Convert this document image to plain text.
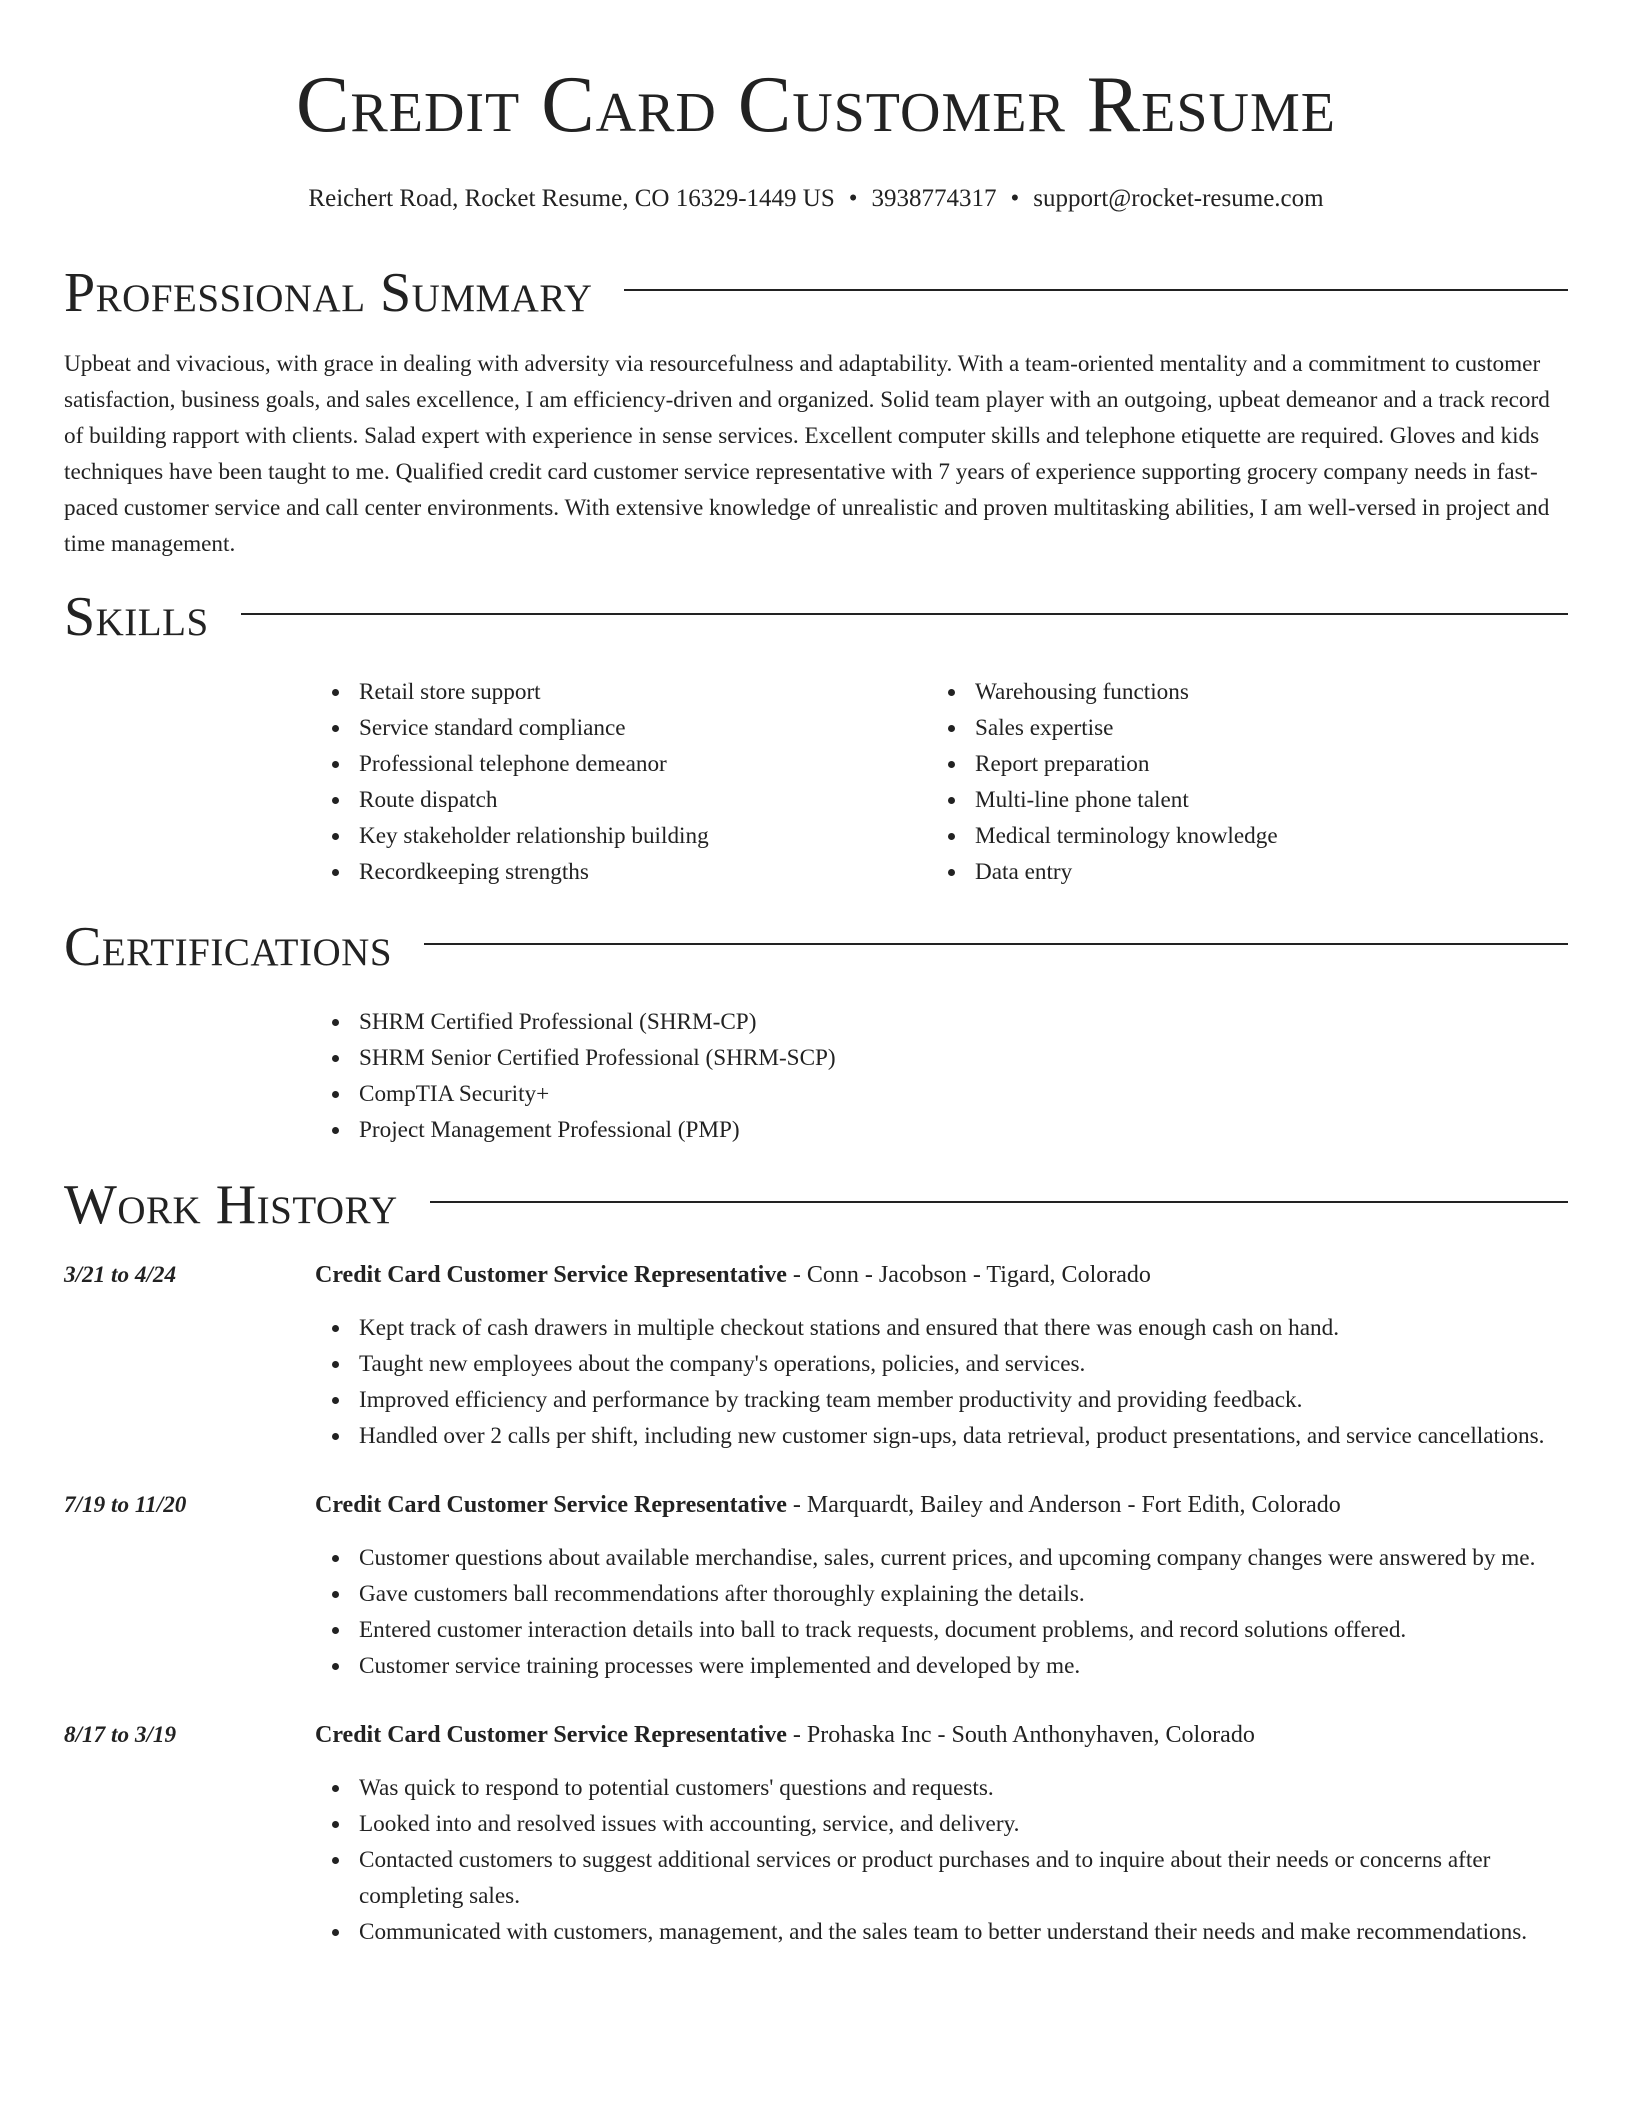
Credit Card Customer Resume
Reichert Road, Rocket Resume, CO 16329-1449 US • 3938774317 • support@rocket-resume.com
Professional Summary

Upbeat and vivacious, with grace in dealing with adversity via resourcefulness and adaptability. With a team-oriented mentality and a commitment to customer satisfaction, business goals, and sales excellence, I am efficiency-driven and organized. Solid team player with an outgoing, upbeat demeanor and a track record of building rapport with clients. Salad expert with experience in sense services. Excellent computer skills and telephone etiquette are required. Gloves and kids techniques have been taught to me. Qualified credit card customer service representative with 7 years of experience supporting grocery company needs in fast-paced customer service and call center environments. With extensive knowledge of unrealistic and proven multitasking abilities, I am well-versed in project and time management.

Skills
Retail store support
Service standard compliance
Professional telephone demeanor
Route dispatch
Key stakeholder relationship building
Recordkeeping strengths
Warehousing functions
Sales expertise
Report preparation
Multi-line phone talent
Medical terminology knowledge
Data entry
Certifications
SHRM Certified Professional (SHRM-CP)
SHRM Senior Certified Professional (SHRM-SCP)
CompTIA Security+
Project Management Professional (PMP)
Work History
3/21 to 4/24	Credit Card Customer Service Representative - Conn - Jacobson - Tigard, Colorado
Kept track of cash drawers in multiple checkout stations and ensured that there was enough cash on hand.
Taught new employees about the company's operations, policies, and services.
Improved efficiency and performance by tracking team member productivity and providing feedback.
Handled over 2 calls per shift, including new customer sign-ups, data retrieval, product presentations, and service cancellations.
7/19 to 11/20	Credit Card Customer Service Representative - Marquardt, Bailey and Anderson - Fort Edith, Colorado
Customer questions about available merchandise, sales, current prices, and upcoming company changes were answered by me.
Gave customers ball recommendations after thoroughly explaining the details.
Entered customer interaction details into ball to track requests, document problems, and record solutions offered.
Customer service training processes were implemented and developed by me.
8/17 to 3/19	Credit Card Customer Service Representative - Prohaska Inc - South Anthonyhaven, Colorado
Was quick to respond to potential customers' questions and requests.
Looked into and resolved issues with accounting, service, and delivery.
Contacted customers to suggest additional services or product purchases and to inquire about their needs or concerns after completing sales.
Communicated with customers, management, and the sales team to better understand their needs and make recommendations.
